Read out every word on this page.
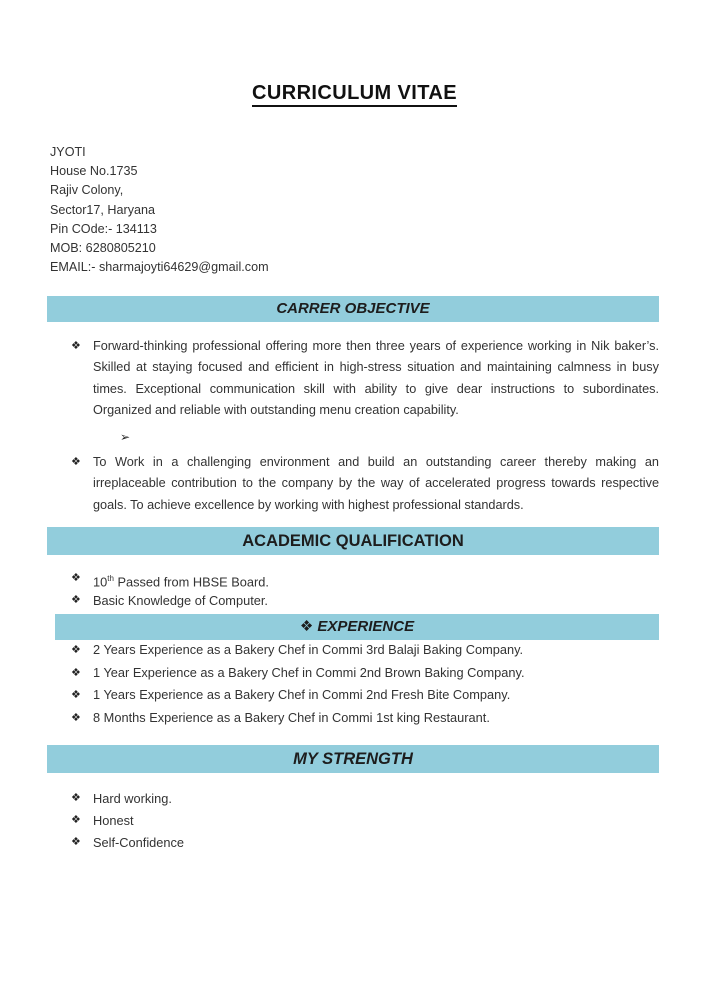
CURRICULUM VITAE
JYOTI
House No.1735
Rajiv Colony,
Sector17, Haryana
Pin COde:- 134113
MOB: 6280805210
EMAIL:- sharmajoyti64629@gmail.com
CARRER OBJECTIVE
❖ Forward-thinking professional offering more then three years of experience working in Nik baker’s. Skilled at staying focused and efficient in high-stress situation and maintaining calmness in busy times. Exceptional communication skill with ability to give dear instructions to subordinates. Organized and reliable with outstanding menu creation capability.
➢
❖ To Work in a challenging environment and build an outstanding career thereby making an irreplaceable contribution to the company by the way of accelerated progress towards respective goals. To achieve excellence by working with highest professional standards.
ACADEMIC QUALIFICATION
❖ 10th Passed from HBSE Board.
❖ Basic Knowledge of Computer.
❖ EXPERIENCE
❖ 2 Years Experience as a Bakery Chef in Commi 3rd Balaji Baking Company.
❖ 1 Year Experience as a Bakery Chef in Commi 2nd Brown Baking Company.
❖ 1 Years Experience as a Bakery Chef in Commi 2nd Fresh Bite Company.
❖ 8 Months Experience as a Bakery Chef in Commi 1st king Restaurant.
MY STRENGTH
❖ Hard working.
❖ Honest
❖ Self-Confidence
INDIA
